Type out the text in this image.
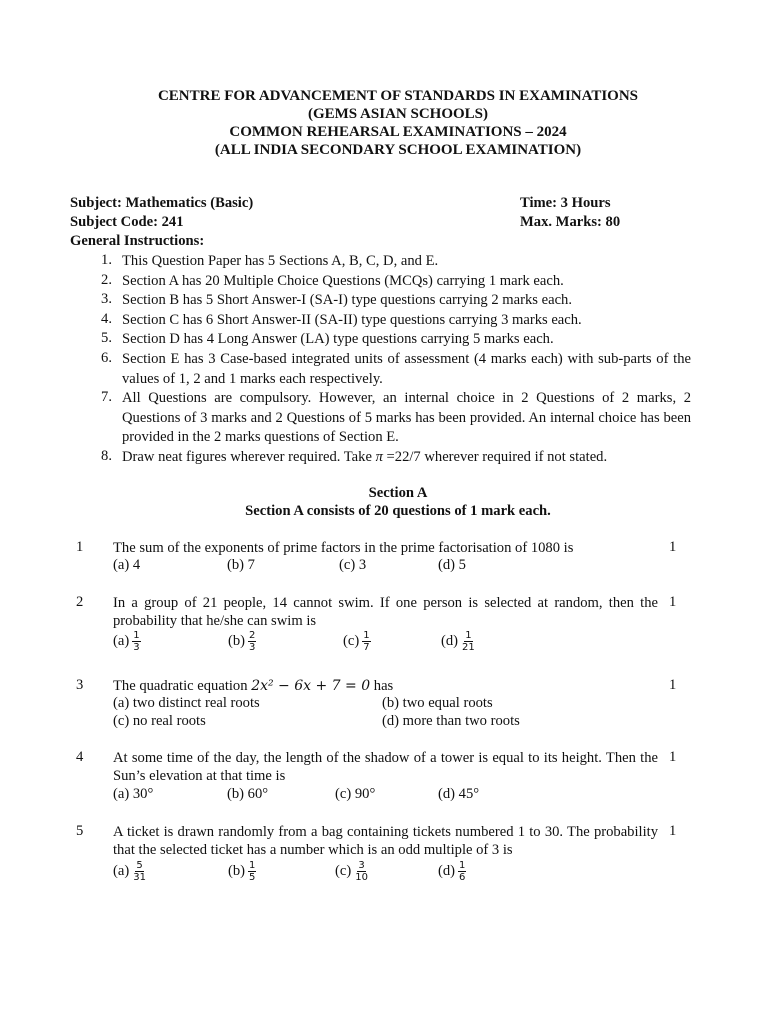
CENTRE FOR ADVANCEMENT OF STANDARDS IN EXAMINATIONS
(GEMS ASIAN SCHOOLS)
COMMON REHEARSAL EXAMINATIONS – 2024
(ALL INDIA SECONDARY SCHOOL EXAMINATION)
Subject: Mathematics (Basic)	Time: 3 Hours
Subject Code: 241	Max. Marks: 80
General Instructions:
1. This Question Paper has 5 Sections A, B, C, D, and E.
2. Section A has 20 Multiple Choice Questions (MCQs) carrying 1 mark each.
3. Section B has 5 Short Answer-I (SA-I) type questions carrying 2 marks each.
4. Section C has 6 Short Answer-II (SA-II) type questions carrying 3 marks each.
5. Section D has 4 Long Answer (LA) type questions carrying 5 marks each.
6. Section E has 3 Case-based integrated units of assessment (4 marks each) with sub-parts of the values of 1, 2 and 1 marks each respectively.
7. All Questions are compulsory. However, an internal choice in 2 Questions of 2 marks, 2 Questions of 3 marks and 2 Questions of 5 marks has been provided. An internal choice has been provided in the 2 marks questions of Section E.
8. Draw neat figures wherever required. Take π =22/7 wherever required if not stated.
Section A
Section A consists of 20 questions of 1 mark each.
1 The sum of the exponents of prime factors in the prime factorisation of 1080 is	1
(a) 4	(b) 7	(c) 3	(d) 5
2 In a group of 21 people, 14 cannot swim. If one person is selected at random, then the probability that he/she can swim is
1
$(a) \frac{1}{3}$	$(b) \frac{2}{3}$	$(c) \frac{1}{7}$	$(d) \frac{1}{21}$
3 The quadratic equation 2x² − 6x + 7 = 0 has	1
(a) two distinct real roots	(b) two equal roots
(c) no real roots	(d) more than two roots
4 At some time of the day, the length of the shadow of a tower is equal to its height. Then the Sun’s elevation at that time is
1
(a) 30°	(b) 60°	(c) 90°	(d) 45°
5 A ticket is drawn randomly from a bag containing tickets numbered 1 to 30. The probability that the selected ticket has a number which is an odd multiple of 3 is
1
$(a) \frac{5}{31}$	$(b) \frac{1}{5}$	$(c) \frac{3}{10}$	$(d) \frac{1}{6}$
